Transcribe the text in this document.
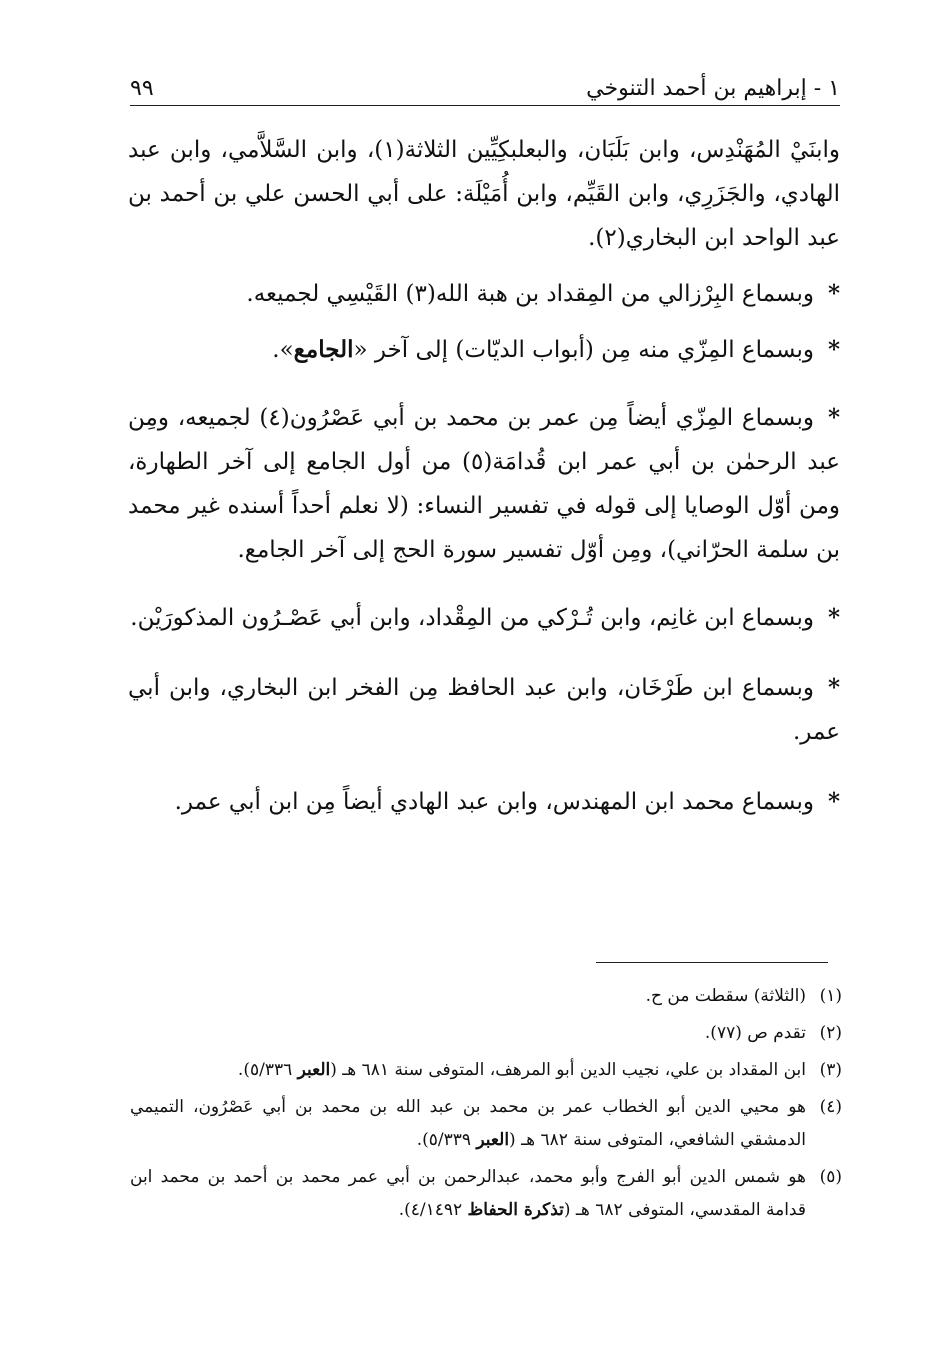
١ - إبراهيم بن أحمد التنوخي
٩٩

وابنَيْ المُهَنْدِس، وابن بَلَبَان، والبعلبكِيِّين الثلاثة(١)، وابن السَّلاَّمي، وابن عبد الهادي، والجَزَرِي، وابن القَيِّم، وابن أُمَيْلَة: على أبي الحسن علي بن أحمد بن عبد الواحد ابن البخاري(٢).

*وبسماع البِرْزالي من المِقداد بن هبة الله(٣) القَيْسِي لجميعه.

*وبسماع المِزّي منه مِن (أبواب الديّات) إلى آخر «الجامع».

*وبسماع المِزّي أيضاً مِن عمر بن محمد بن أبي عَصْرُون(٤) لجميعه، ومِن عبد الرحمٰن بن أبي عمر ابن قُدامَة(٥) من أول الجامع إلى آخر الطهارة، ومن أوّل الوصايا إلى قوله في تفسير النساء: (لا نعلم أحداً أسنده غير محمد بن سلمة الحرّاني)، ومِن أوّل تفسير سورة الحج إلى آخر الجامع.

*وبسماع ابن غانِم، وابن تُـرْكي من المِقْداد، وابن أبي عَصْـرُون المذكورَيْن.

*وبسماع ابن طَرْخَان، وابن عبد الحافظ مِن الفخر ابن البخاري، وابن أبي عمر.

*وبسماع محمد ابن المهندس، وابن عبد الهادي أيضاً مِن ابن أبي عمر.

(١)
(الثلاثة) سقطت من ح.
(٢)
تقدم ص (٧٧).
(٣)
ابن المقداد بن علي، نجيب الدين أبو المرهف، المتوفى سنة ٦٨١ هـ (العبر ٥/٣٣٦).
(٤)
هو محيي الدين أبو الخطاب عمر بن محمد بن عبد الله بن محمد بن أبي عَصْرُون، التميمي الدمشقي الشافعي، المتوفى سنة ٦٨٢ هـ (العبر ٥/٣٣٩).
(٥)
هو شمس الدين أبو الفرج وأبو محمد، عبدالرحمن بن أبي عمر محمد بن أحمد بن محمد ابن قدامة المقدسي، المتوفى ٦٨٢ هـ (تذكرة الحفاظ ٤/١٤٩٢).
